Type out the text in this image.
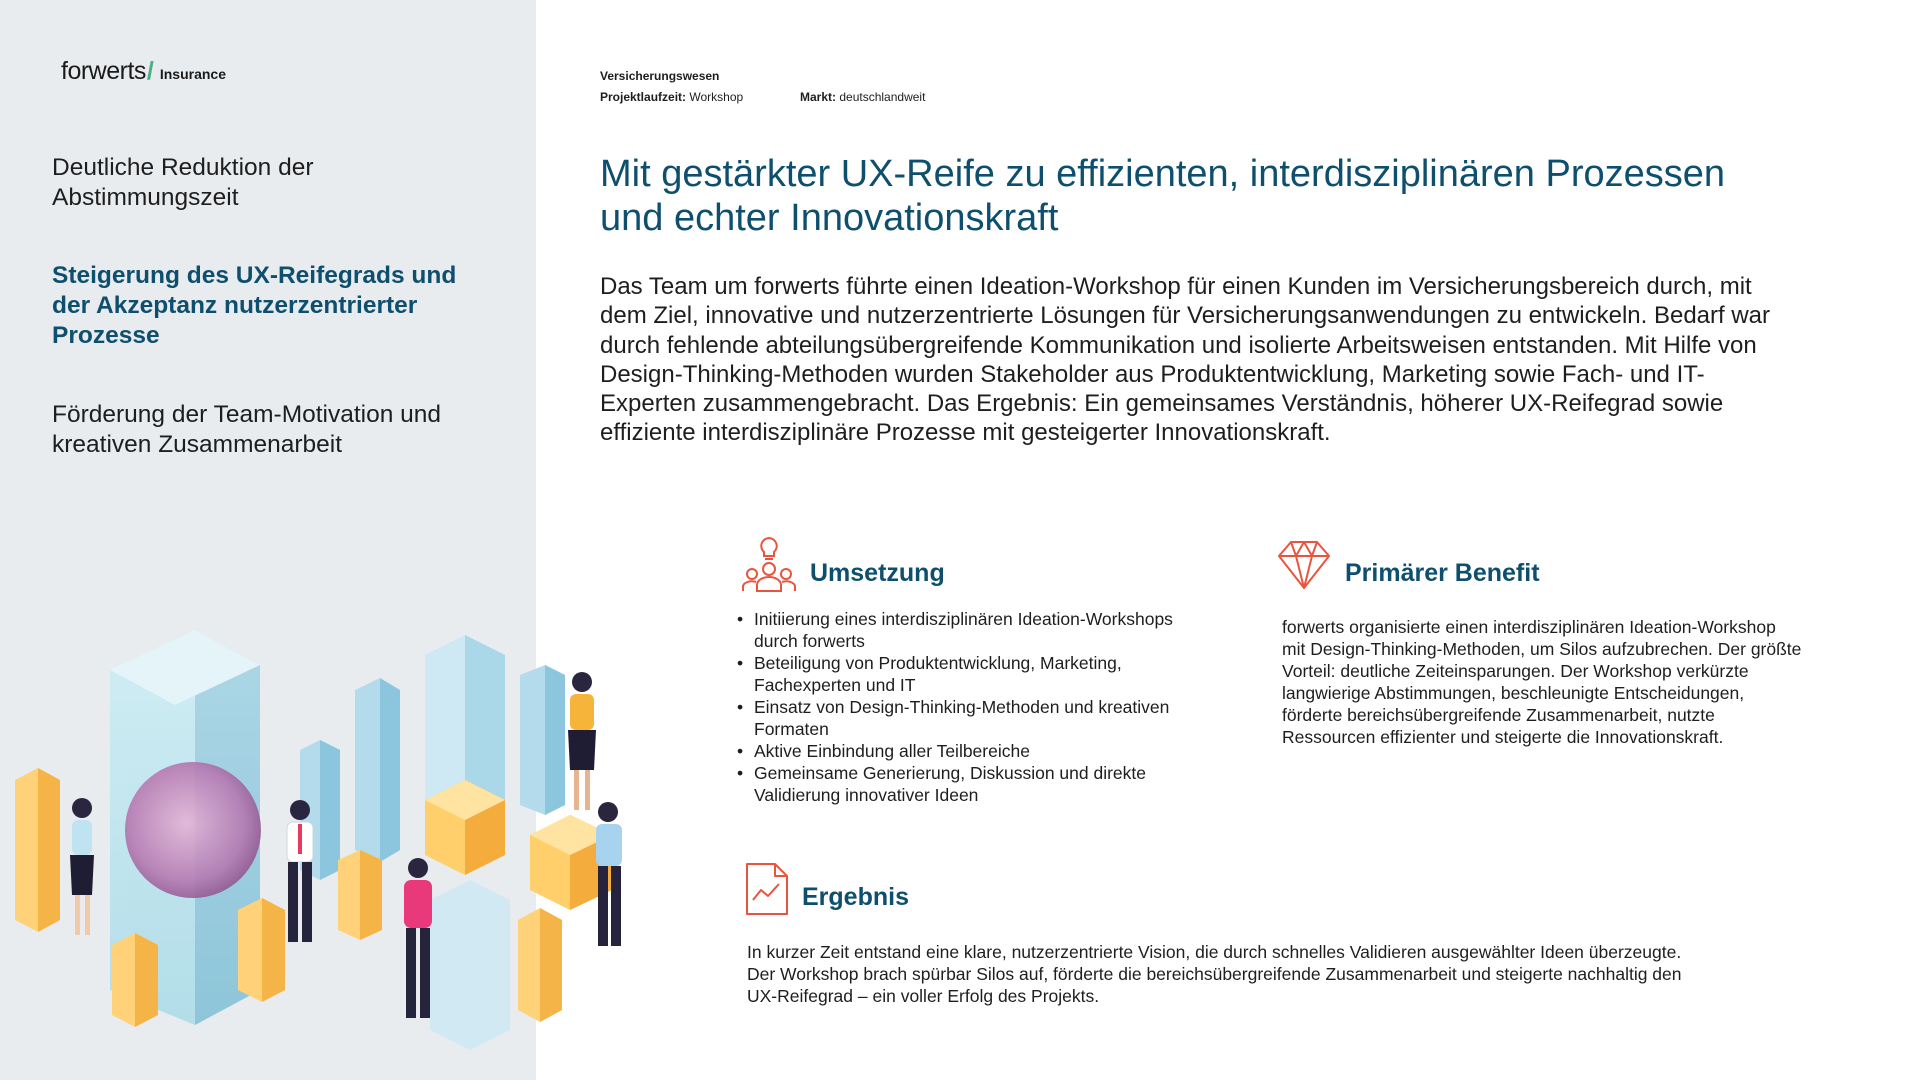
forwerts / Insurance
Deutliche Reduktion der Abstimmungszeit
Steigerung des UX-Reifegrads und der Akzeptanz nutzerzentrierter Prozesse
Förderung der Team-Motivation und kreativen Zusammenarbeit
Versicherungswesen
Projektlaufzeit: Workshop	Markt: deutschlandweit
Mit gestärkter UX-Reife zu effizienten, interdisziplinären Prozessen und echter Innovationskraft

Das Team um forwerts führte einen Ideation-Workshop für einen Kunden im Versicherungsbereich durch, mit dem Ziel, innovative und nutzerzentrierte Lösungen für Versicherungsanwendungen zu entwickeln. Bedarf war durch fehlende abteilungsübergreifende Kommunikation und isolierte Arbeitsweisen entstanden. Mit Hilfe von Design-Thinking-Methoden wurden Stakeholder aus Produktentwicklung, Marketing sowie Fach- und IT-Experten zusammengebracht. Das Ergebnis: Ein gemeinsames Verständnis, höherer UX-Reifegrad sowie effiziente interdisziplinäre Prozesse mit gesteigerter Innovationskraft.

Umsetzung
• Initiierung eines interdisziplinären Ideation-Workshops durch forwerts
• Beteiligung von Produktentwicklung, Marketing, Fachexperten und IT
• Einsatz von Design-Thinking-Methoden und kreativen Formaten
• Aktive Einbindung aller Teilbereiche
• Gemeinsame Generierung, Diskussion und direkte Validierung innovativer Ideen
Primärer Benefit

forwerts organisierte einen interdisziplinären Ideation-Workshop mit Design-Thinking-Methoden, um Silos aufzubrechen. Der größte Vorteil: deutliche Zeiteinsparungen. Der Workshop verkürzte langwierige Abstimmungen, beschleunigte Entscheidungen, förderte bereichsübergreifende Zusammenarbeit, nutzte Ressourcen effizienter und steigerte die Innovationskraft.

Ergebnis

In kurzer Zeit entstand eine klare, nutzerzentrierte Vision, die durch schnelles Validieren ausgewählter Ideen überzeugte. Der Workshop brach spürbar Silos auf, förderte die bereichsübergreifende Zusammenarbeit und steigerte nachhaltig den UX-Reifegrad – ein voller Erfolg des Projekts.
